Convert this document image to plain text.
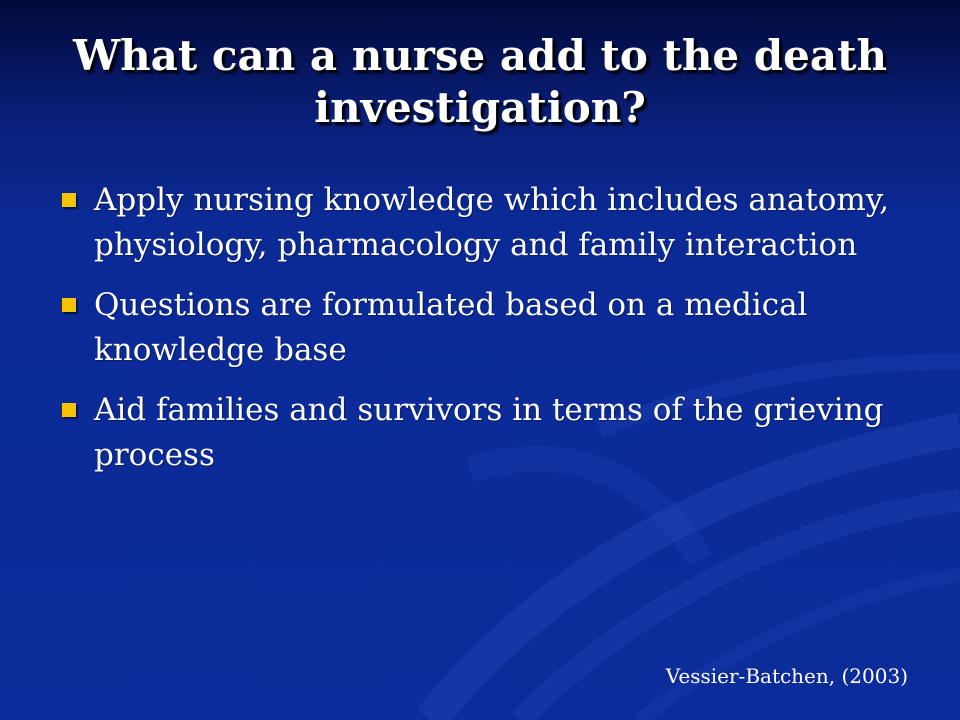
What can a nurse add to the death investigation?
Apply nursing knowledge which includes anatomy, physiology, pharmacology and family interaction
Questions are formulated based on a medical knowledge base
Aid families and survivors in terms of the grieving process

Vessier-Batchen, (2003)
